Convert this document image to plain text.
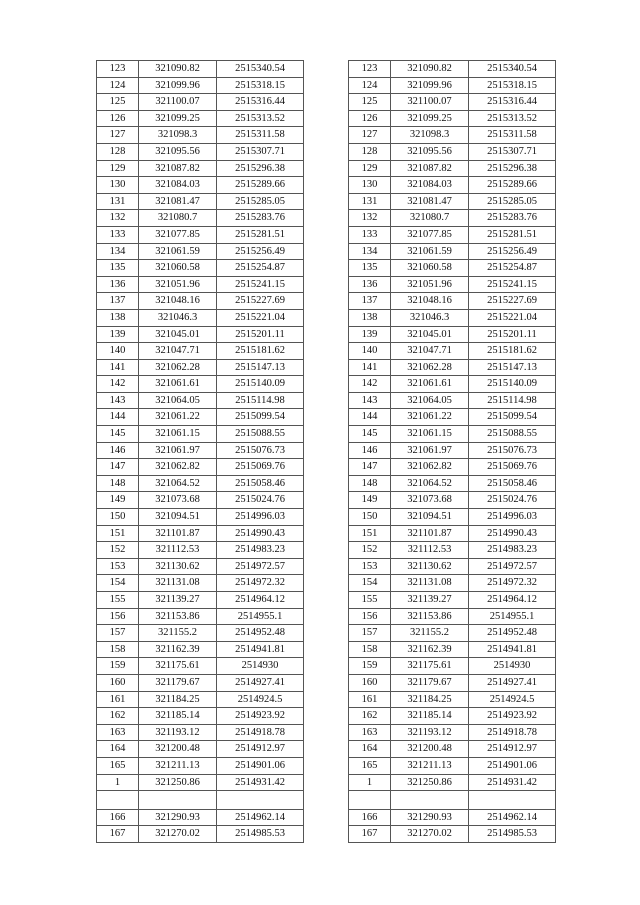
123	321090.82	2515340.54
124	321099.96	2515318.15
125	321100.07	2515316.44
126	321099.25	2515313.52
127	321098.3	2515311.58
128	321095.56	2515307.71
129	321087.82	2515296.38
130	321084.03	2515289.66
131	321081.47	2515285.05
132	321080.7	2515283.76
133	321077.85	2515281.51
134	321061.59	2515256.49
135	321060.58	2515254.87
136	321051.96	2515241.15
137	321048.16	2515227.69
138	321046.3	2515221.04
139	321045.01	2515201.11
140	321047.71	2515181.62
141	321062.28	2515147.13
142	321061.61	2515140.09
143	321064.05	2515114.98
144	321061.22	2515099.54
145	321061.15	2515088.55
146	321061.97	2515076.73
147	321062.82	2515069.76
148	321064.52	2515058.46
149	321073.68	2515024.76
150	321094.51	2514996.03
151	321101.87	2514990.43
152	321112.53	2514983.23
153	321130.62	2514972.57
154	321131.08	2514972.32
155	321139.27	2514964.12
156	321153.86	2514955.1
157	321155.2	2514952.48
158	321162.39	2514941.81
159	321175.61	2514930
160	321179.67	2514927.41
161	321184.25	2514924.5
162	321185.14	2514923.92
163	321193.12	2514918.78
164	321200.48	2514912.97
165	321211.13	2514901.06
1	321250.86	2514931.42

166	321290.93	2514962.14
167	321270.02	2514985.53
123	321090.82	2515340.54
124	321099.96	2515318.15
125	321100.07	2515316.44
126	321099.25	2515313.52
127	321098.3	2515311.58
128	321095.56	2515307.71
129	321087.82	2515296.38
130	321084.03	2515289.66
131	321081.47	2515285.05
132	321080.7	2515283.76
133	321077.85	2515281.51
134	321061.59	2515256.49
135	321060.58	2515254.87
136	321051.96	2515241.15
137	321048.16	2515227.69
138	321046.3	2515221.04
139	321045.01	2515201.11
140	321047.71	2515181.62
141	321062.28	2515147.13
142	321061.61	2515140.09
143	321064.05	2515114.98
144	321061.22	2515099.54
145	321061.15	2515088.55
146	321061.97	2515076.73
147	321062.82	2515069.76
148	321064.52	2515058.46
149	321073.68	2515024.76
150	321094.51	2514996.03
151	321101.87	2514990.43
152	321112.53	2514983.23
153	321130.62	2514972.57
154	321131.08	2514972.32
155	321139.27	2514964.12
156	321153.86	2514955.1
157	321155.2	2514952.48
158	321162.39	2514941.81
159	321175.61	2514930
160	321179.67	2514927.41
161	321184.25	2514924.5
162	321185.14	2514923.92
163	321193.12	2514918.78
164	321200.48	2514912.97
165	321211.13	2514901.06
1	321250.86	2514931.42

166	321290.93	2514962.14
167	321270.02	2514985.53
